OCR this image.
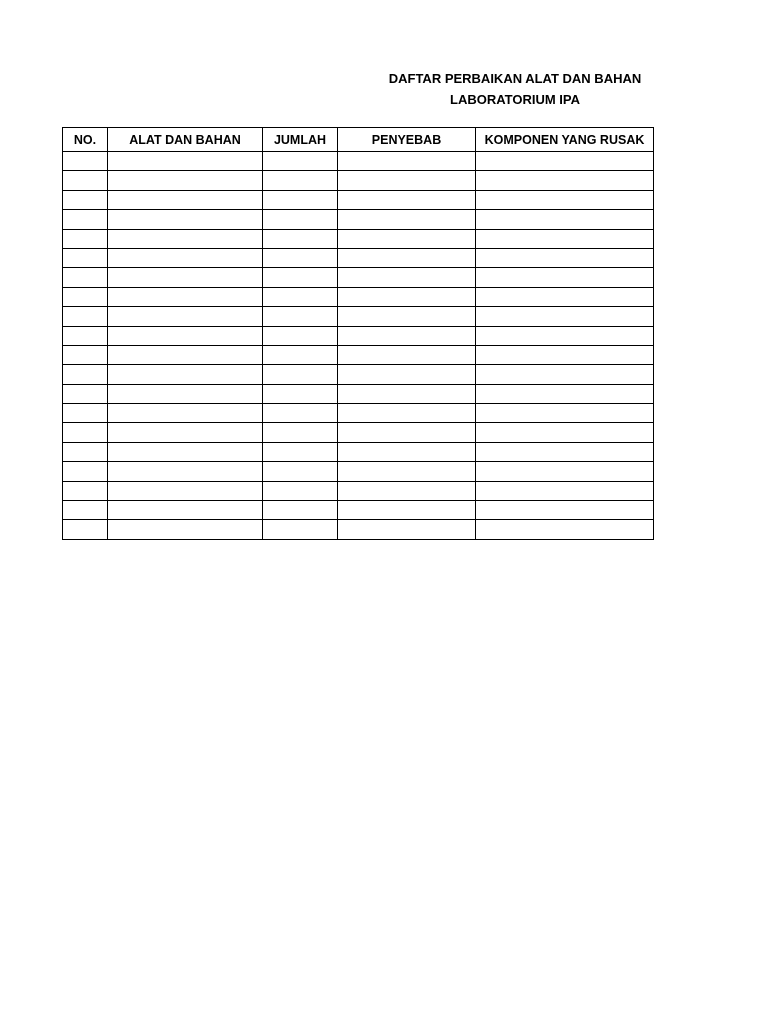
DAFTAR PERBAIKAN ALAT DAN BAHAN
LABORATORIUM IPA
NO.	ALAT DAN BAHAN	JUMLAH	PENYEBAB	KOMPONEN YANG RUSAK
